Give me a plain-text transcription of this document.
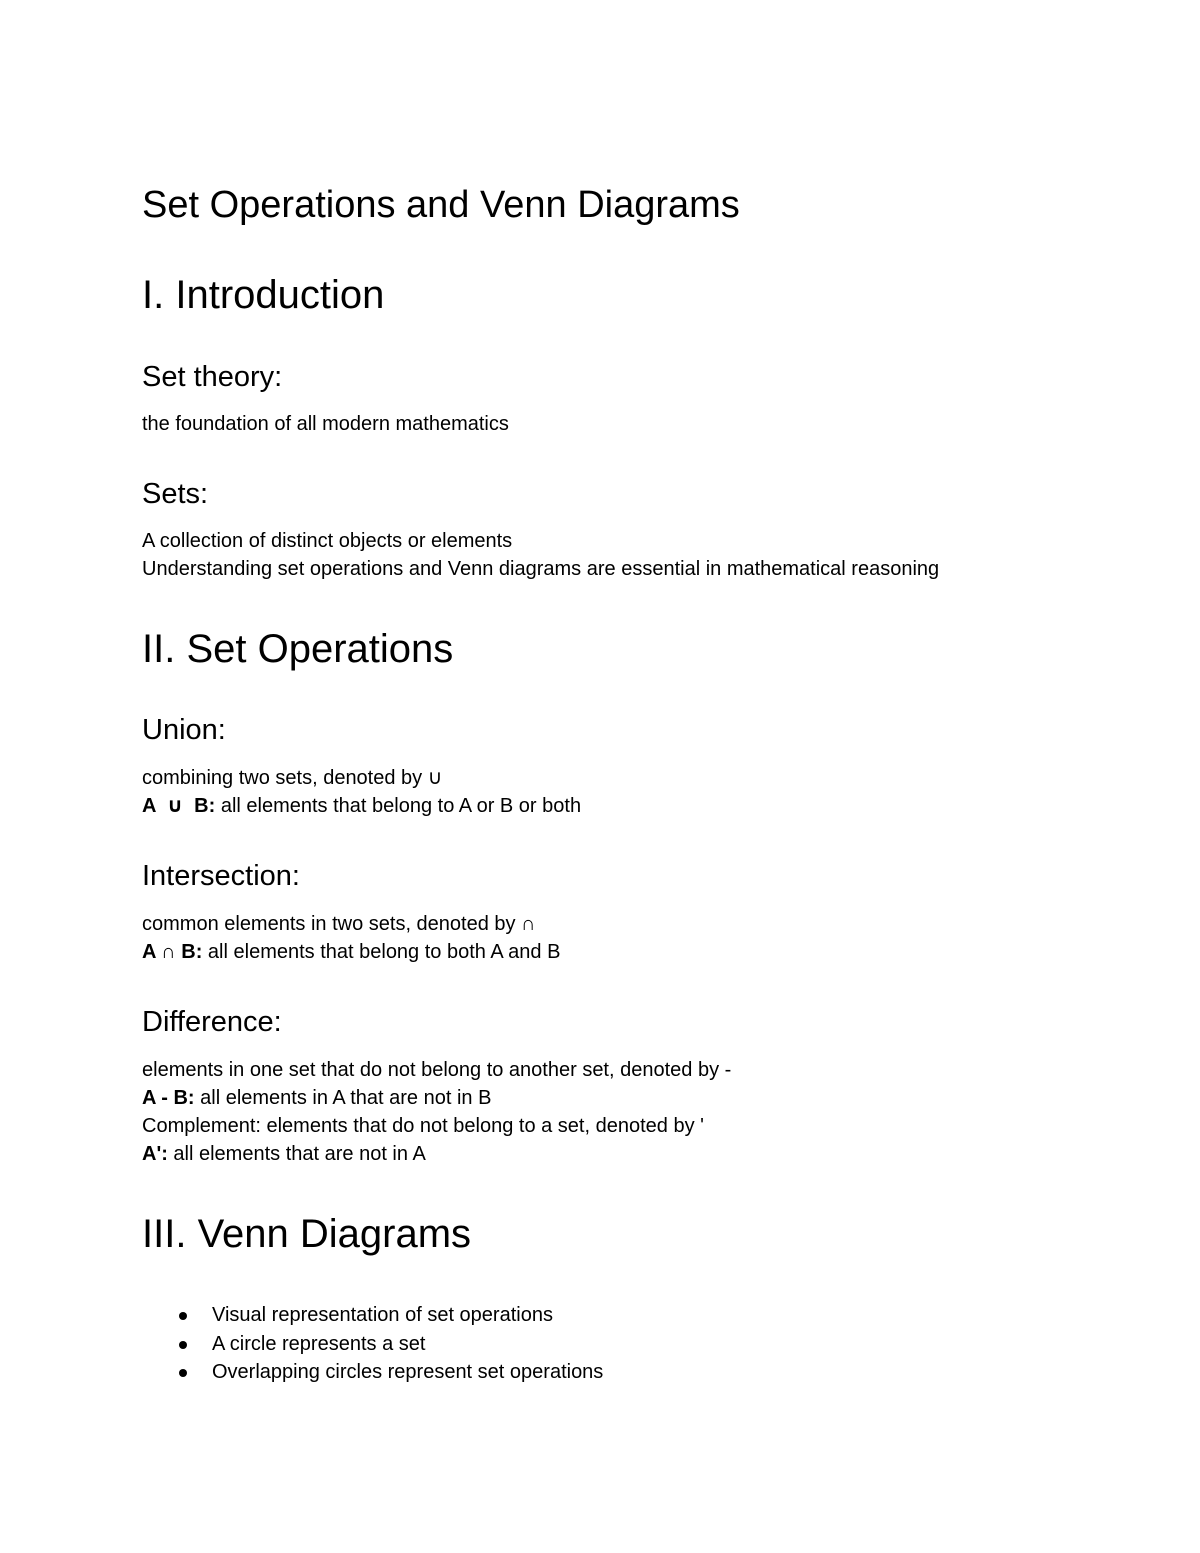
Set Operations and Venn Diagrams
I. Introduction
Set theory:
the foundation of all modern mathematics
Sets:
A collection of distinct objects or elements
Understanding set operations and Venn diagrams are essential in mathematical reasoning
II. Set Operations
Union:
combining two sets, denoted by ∪
A  ∪  B: all elements that belong to A or B or both
Intersection:
common elements in two sets, denoted by ∩
A ∩ B: all elements that belong to both A and B
Difference:
elements in one set that do not belong to another set, denoted by -
A - B: all elements in A that are not in B
Complement: elements that do not belong to a set, denoted by '
A': all elements that are not in A
III. Venn Diagrams
Visual representation of set operations
A circle represents a set
Overlapping circles represent set operations
